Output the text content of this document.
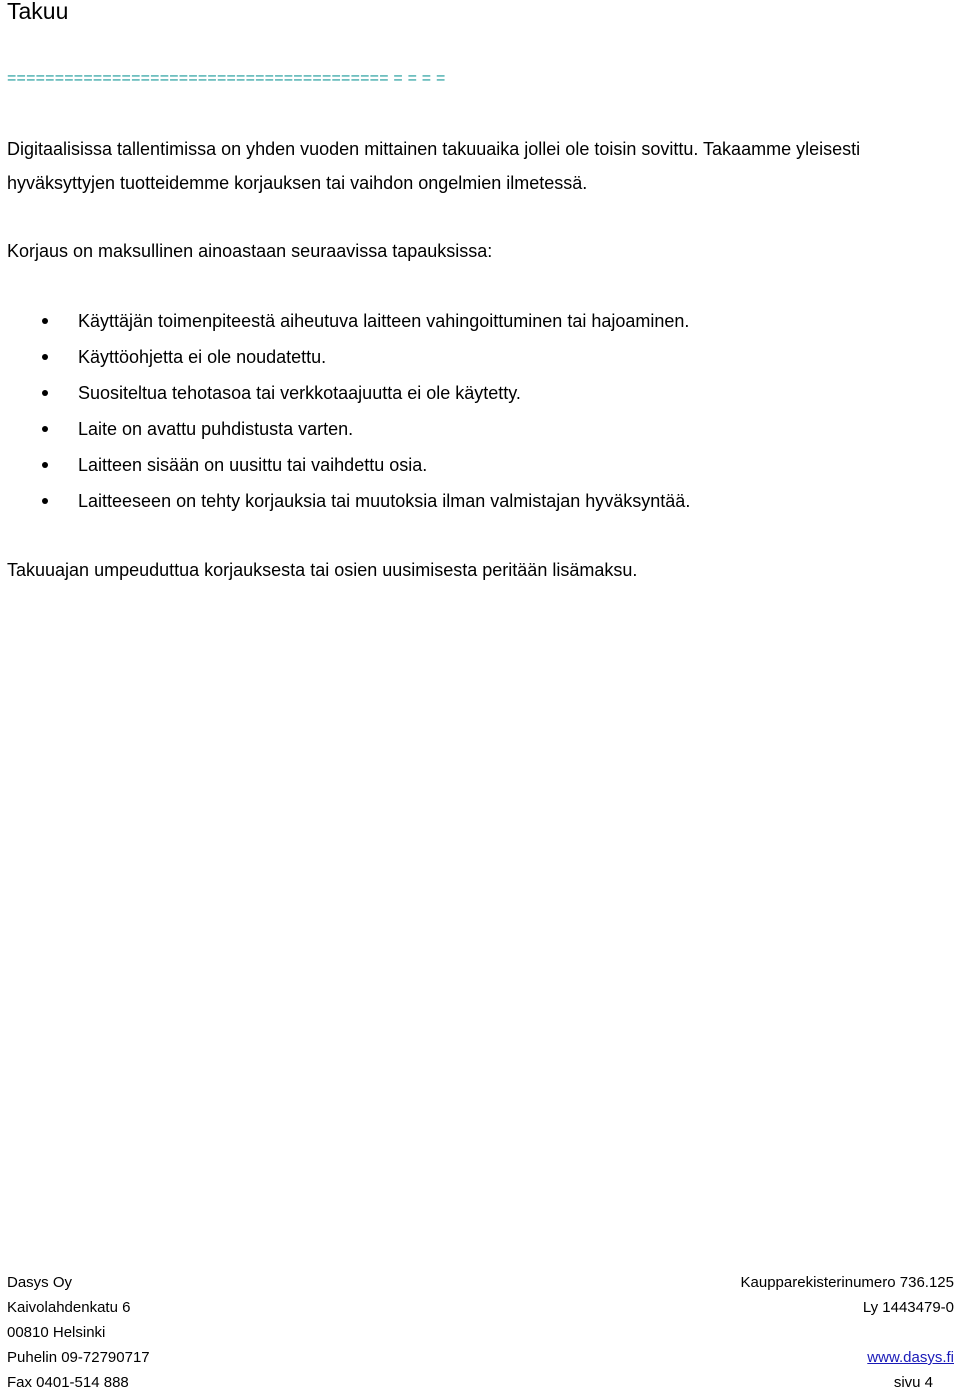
Takuu
======================================== = = = =

Digitaalisissa tallentimissa on yhden vuoden mittainen takuuaika jollei ole toisin sovittu. Takaamme yleisesti hyväksyttyjen tuotteidemme korjauksen tai vaihdon ongelmien ilmetessä.

Korjaus on maksullinen ainoastaan seuraavissa tapauksissa:

Käyttäjän toimenpiteestä aiheutuva laitteen vahingoittuminen tai hajoaminen.
Käyttöohjetta ei ole noudatettu.
Suositeltua tehotasoa tai verkkotaajuutta ei ole käytetty.
Laite on avattu puhdistusta varten.
Laitteen sisään on uusittu tai vaihdettu osia.
Laitteeseen on tehty korjauksia tai muutoksia ilman valmistajan hyväksyntää.

Takuuajan umpeuduttua korjauksesta tai osien uusimisesta peritään lisämaksu.

Dasys Oy	Kaupparekisterinumero 736.125
Kaivolahdenkatu 6	Ly 1443479-0
00810 Helsinki
Puhelin 09-72790717	www.dasys.fi
Fax 0401-514 888	sivu 4
